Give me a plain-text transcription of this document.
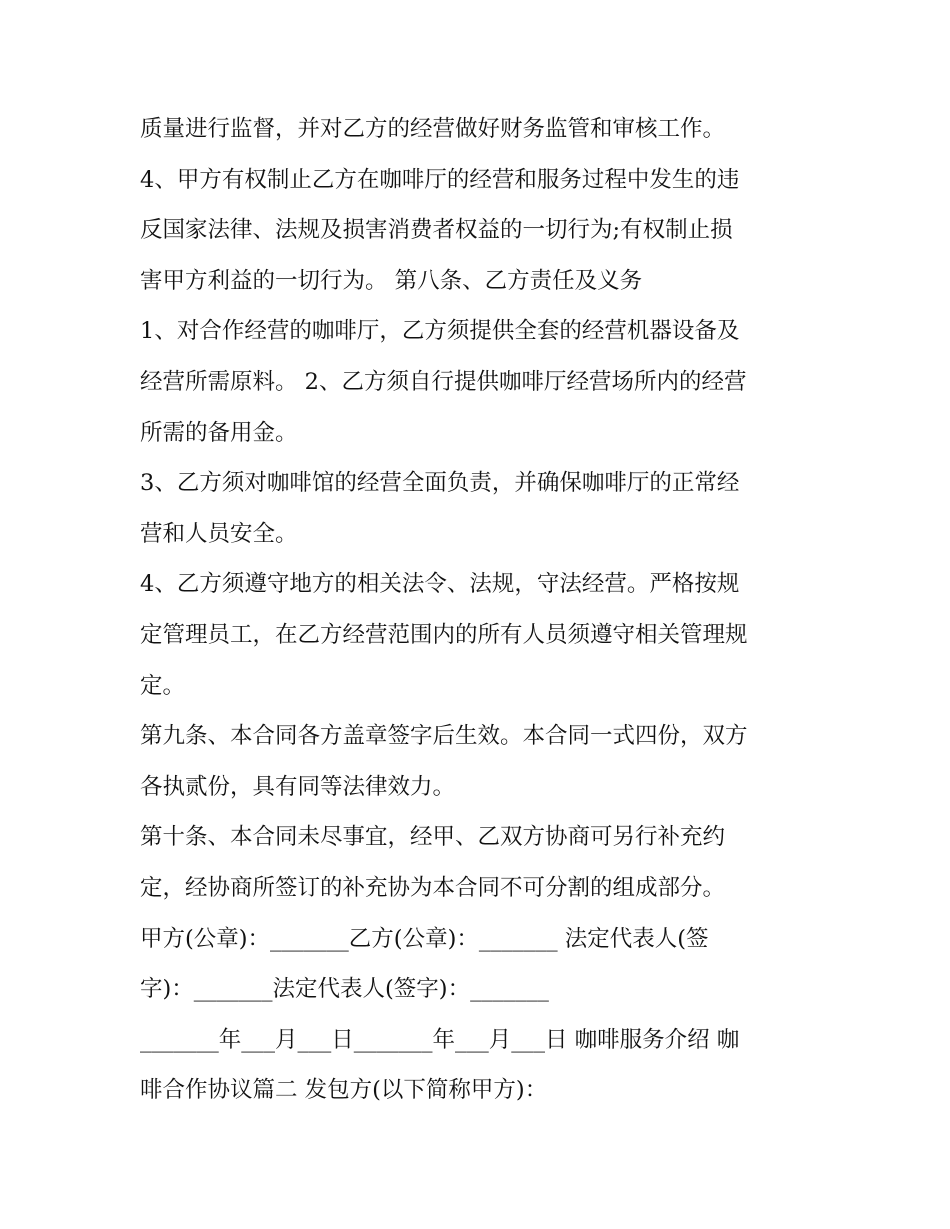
质量进行监督，并对乙方的经营做好财务监管和审核工作。

4、甲方有权制止乙方在咖啡厅的经营和服务过程中发生的违

反国家法律、法规及损害消费者权益的一切行为;有权制止损

害甲方利益的一切行为。 第八条、乙方责任及义务

1、对合作经营的咖啡厅，乙方须提供全套的经营机器设备及

经营所需原料。 2、乙方须自行提供咖啡厅经营场所内的经营

所需的备用金。

3、乙方须对咖啡馆的经营全面负责，并确保咖啡厅的正常经

营和人员安全。

4、乙方须遵守地方的相关法令、法规，守法经营。严格按规

定管理员工，在乙方经营范围内的所有人员须遵守相关管理规

定。

第九条、本合同各方盖章签字后生效。本合同一式四份，双方

各执贰份，具有同等法律效力。

第十条、本合同未尽事宜，经甲、乙双方协商可另行补充约

定，经协商所签订的补充协为本合同不可分割的组成部分。

甲方(公章)：_______乙方(公章)：_______ 法定代表人(签

字)：_______法定代表人(签字)：_______

_______年___月___日_______年___月___日 咖啡服务介绍 咖

啡合作协议篇二 发包方(以下简称甲方)：
